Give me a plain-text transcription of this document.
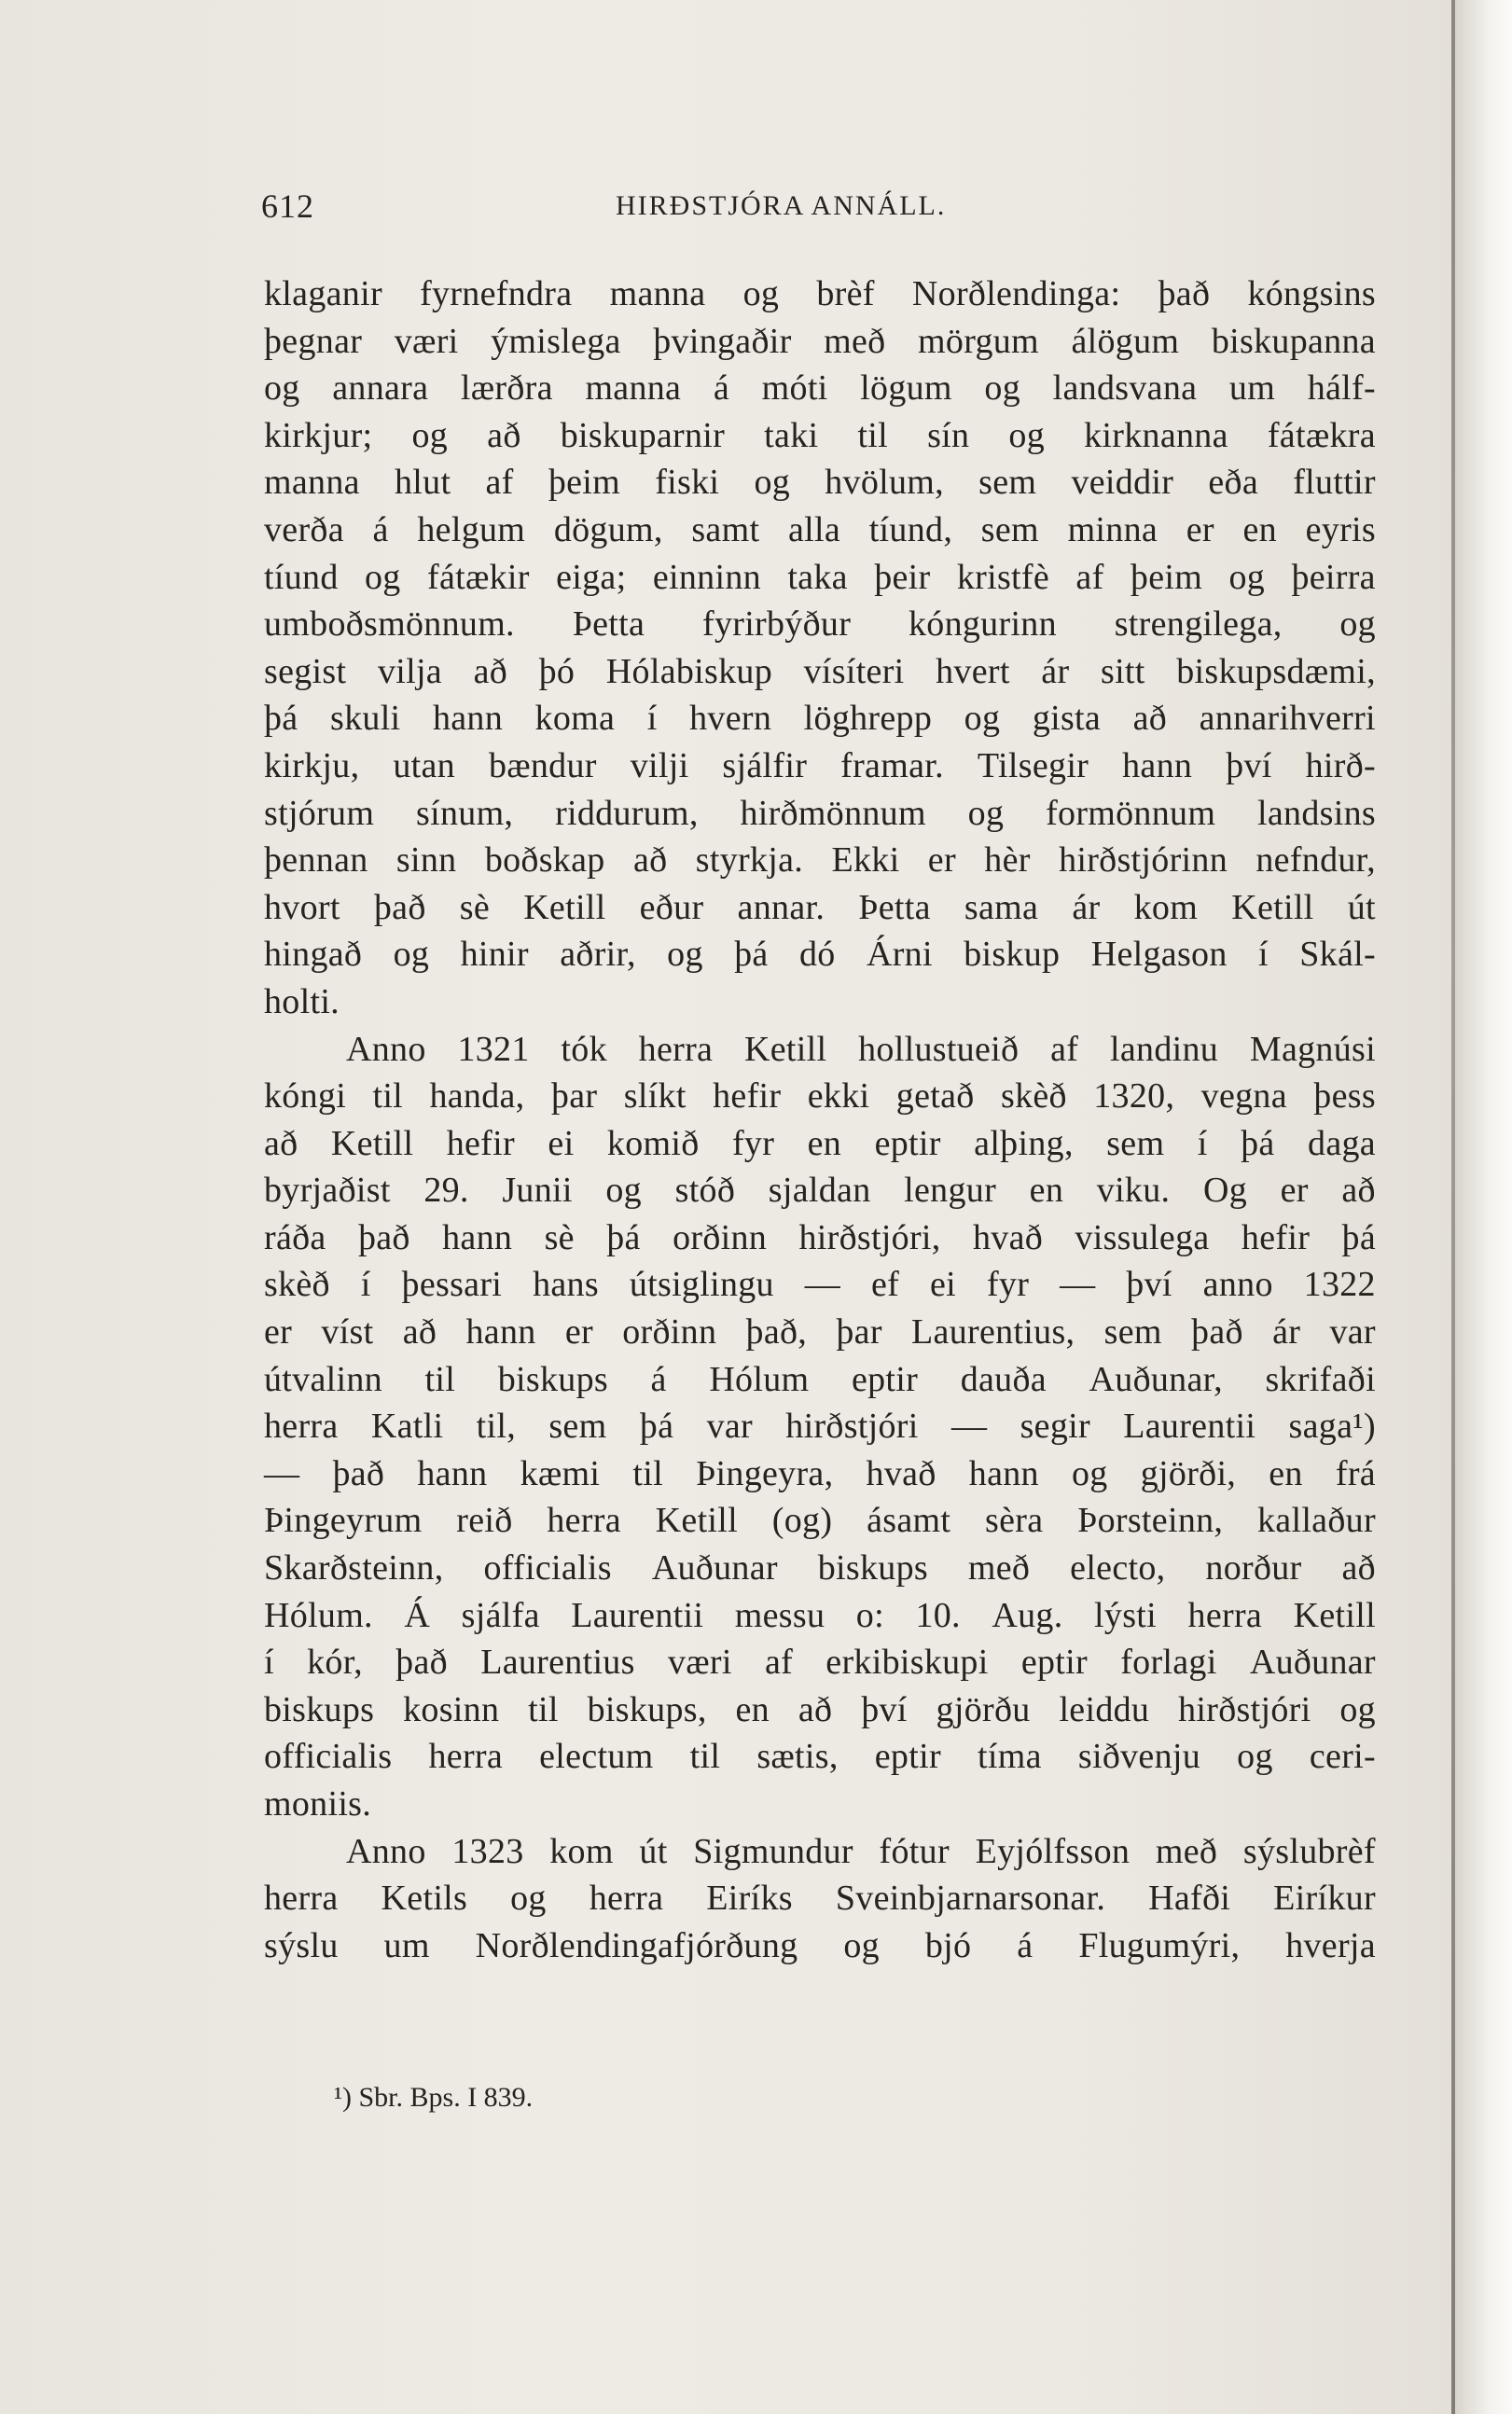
612	HIRÐSTJÓRA ANNÁLL.
klaganir fyrnefndra manna og brèf Norðlendinga: það kóngsins
þegnar væri ýmislega þvingaðir með mörgum álögum biskupanna
og annara lærðra manna á móti lögum og landsvana um hálf-
kirkjur; og að biskuparnir taki til sín og kirknanna fátækra
manna hlut af þeim fiski og hvölum, sem veiddir eða fluttir
verða á helgum dögum, samt alla tíund, sem minna er en eyris
tíund og fátækir eiga; einninn taka þeir kristfè af þeim og þeirra
umboðsmönnum. Þetta fyrirbýður kóngurinn strengilega, og
segist vilja að þó Hólabiskup vísíteri hvert ár sitt biskupsdæmi,
þá skuli hann koma í hvern löghrepp og gista að annarihverri
kirkju, utan bændur vilji sjálfir framar. Tilsegir hann því hirð-
stjórum sínum, riddurum, hirðmönnum og formönnum landsins
þennan sinn boðskap að styrkja. Ekki er hèr hirðstjórinn nefndur,
hvort það sè Ketill eður annar. Þetta sama ár kom Ketill út
hingað og hinir aðrir, og þá dó Árni biskup Helgason í Skál-
holti.
Anno 1321 tók herra Ketill hollustueið af landinu Magnúsi
kóngi til handa, þar slíkt hefir ekki getað skèð 1320, vegna þess
að Ketill hefir ei komið fyr en eptir alþing, sem í þá daga
byrjaðist 29. Junii og stóð sjaldan lengur en viku. Og er að
ráða það hann sè þá orðinn hirðstjóri, hvað vissulega hefir þá
skèð í þessari hans útsiglingu — ef ei fyr — því anno 1322
er víst að hann er orðinn það, þar Laurentius, sem það ár var
útvalinn til biskups á Hólum eptir dauða Auðunar, skrifaði
herra Katli til, sem þá var hirðstjóri — segir Laurentii saga¹)
— það hann kæmi til Þingeyra, hvað hann og gjörði, en frá
Þingeyrum reið herra Ketill (og) ásamt sèra Þorsteinn, kallaður
Skarðsteinn, officialis Auðunar biskups með electo, norður að
Hólum. Á sjálfa Laurentii messu o: 10. Aug. lýsti herra Ketill
í kór, það Laurentius væri af erkibiskupi eptir forlagi Auðunar
biskups kosinn til biskups, en að því gjörðu leiddu hirðstjóri og
officialis herra electum til sætis, eptir tíma siðvenju og ceri-
moniis.
Anno 1323 kom út Sigmundur fótur Eyjólfsson með sýslubrèf
herra Ketils og herra Eiríks Sveinbjarnarsonar. Hafði Eiríkur
sýslu um Norðlendingafjórðung og bjó á Flugumýri, hverja
¹) Sbr. Bps. I 839.
